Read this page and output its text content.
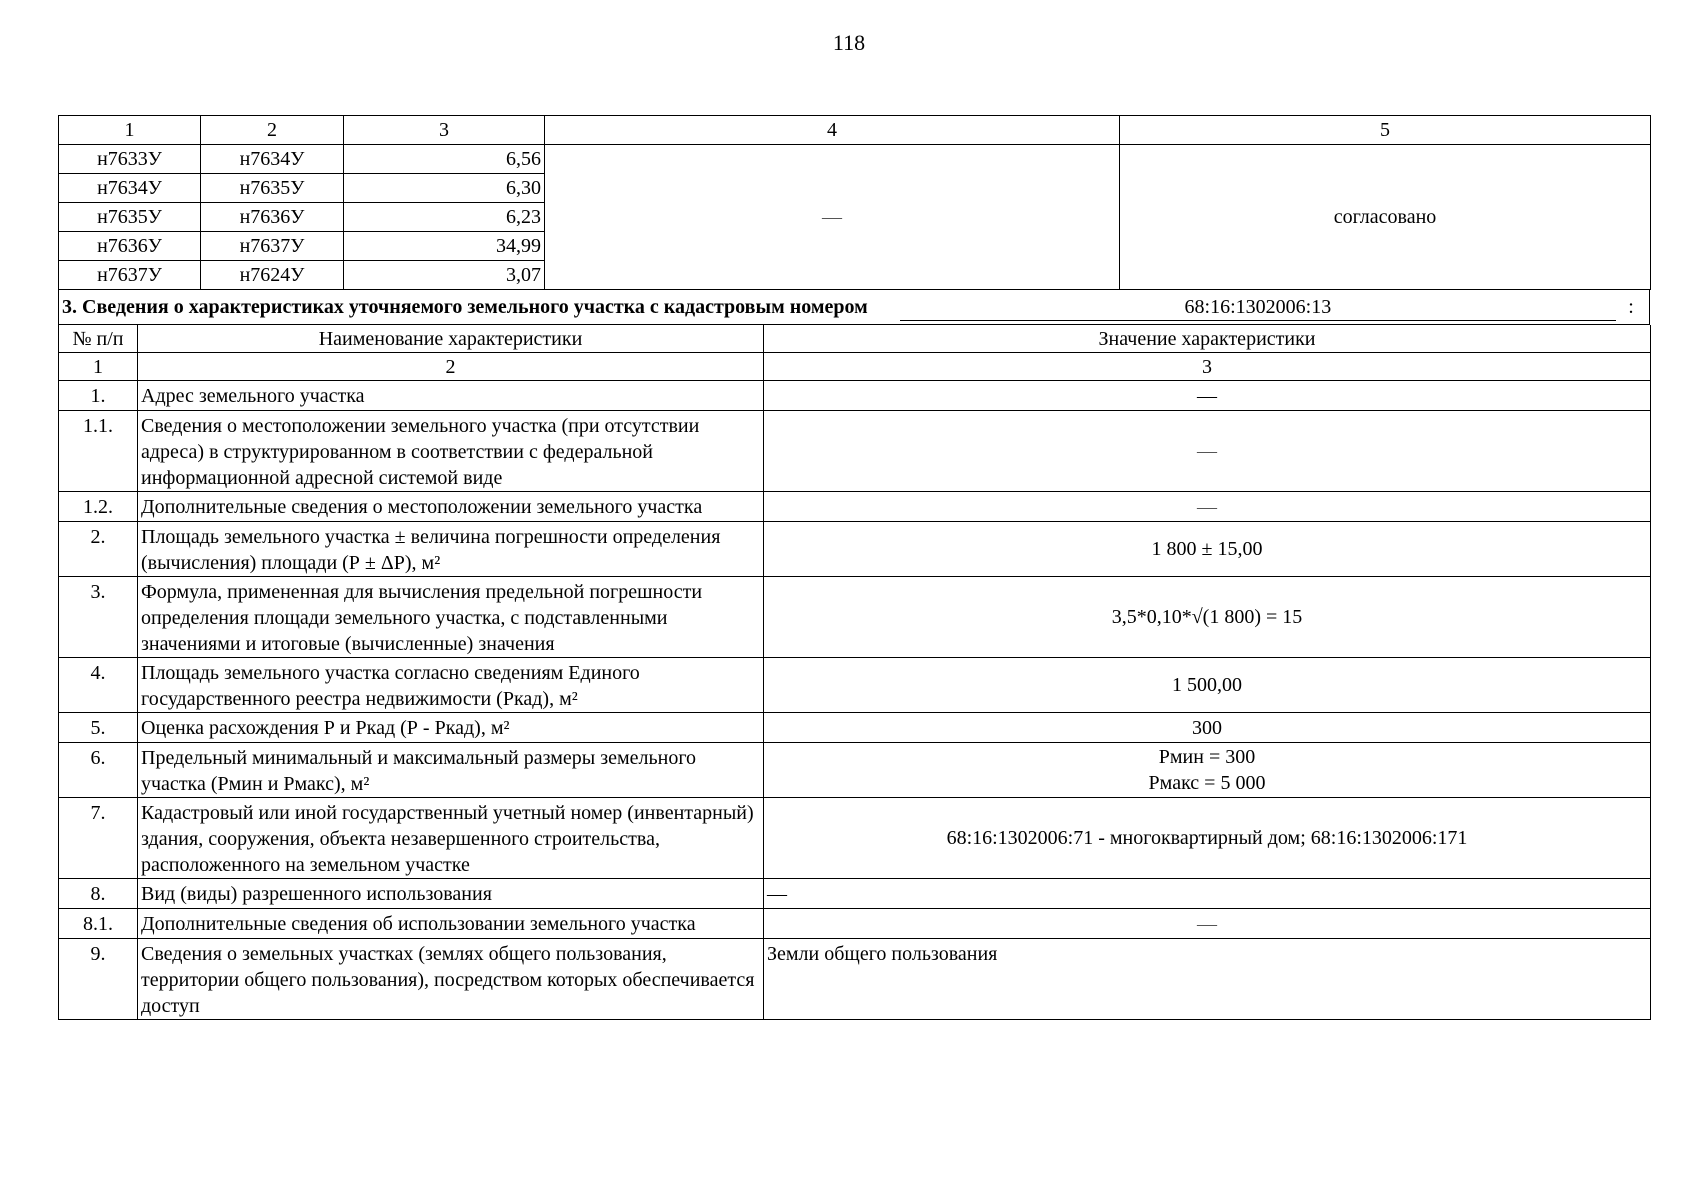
118
1	2	3	4	5
н7633У	н7634У	6,56	—	согласовано
н7634У	н7635У	6,30		
н7635У	н7636У	6,23		
н7636У	н7637У	34,99		
н7637У	н7624У	3,07		
3. Сведения о характеристиках уточняемого земельного участка с кадастровым номером	68:16:1302006:13	:
№ п/п	Наименование характеристики	Значение характеристики
1	2	3
1.	Адрес земельного участка	—
1.1.	Сведения о местоположении земельного участка (при отсутствии адреса) в структурированном в соответствии с федеральной информационной адресной системой виде	—
1.2.	Дополнительные сведения о местоположении земельного участка	—
2.	Площадь земельного участка ± величина погрешности определения (вычисления) площади (Р ± ΔР), м²	1 800 ± 15,00
3.	Формула, примененная для вычисления предельной погрешности определения площади земельного участка, с подставленными значениями и итоговые (вычисленные) значения	3,5*0,10*√(1 800) = 15
4.	Площадь земельного участка согласно сведениям Единого государственного реестра недвижимости (Ркад), м²	1 500,00
5.	Оценка расхождения Р и Ркад (Р - Ркад), м²	300
6.	Предельный минимальный и максимальный размеры земельного участка (Рмин и Рмакс), м²	Рмин = 300
Рмакс = 5 000

7.	Кадастровый или иной государственный учетный номер (инвентарный) здания, сооружения, объекта незавершенного строительства, расположенного на земельном участке	68:16:1302006:71 - многоквартирный дом; 68:16:1302006:171
8.	Вид (виды) разрешенного использования	—
8.1.	Дополнительные сведения об использовании земельного участка	—
9.	Сведения о земельных участках (землях общего пользования, территории общего пользования), посредством которых обеспечивается доступ	Земли общего пользования
